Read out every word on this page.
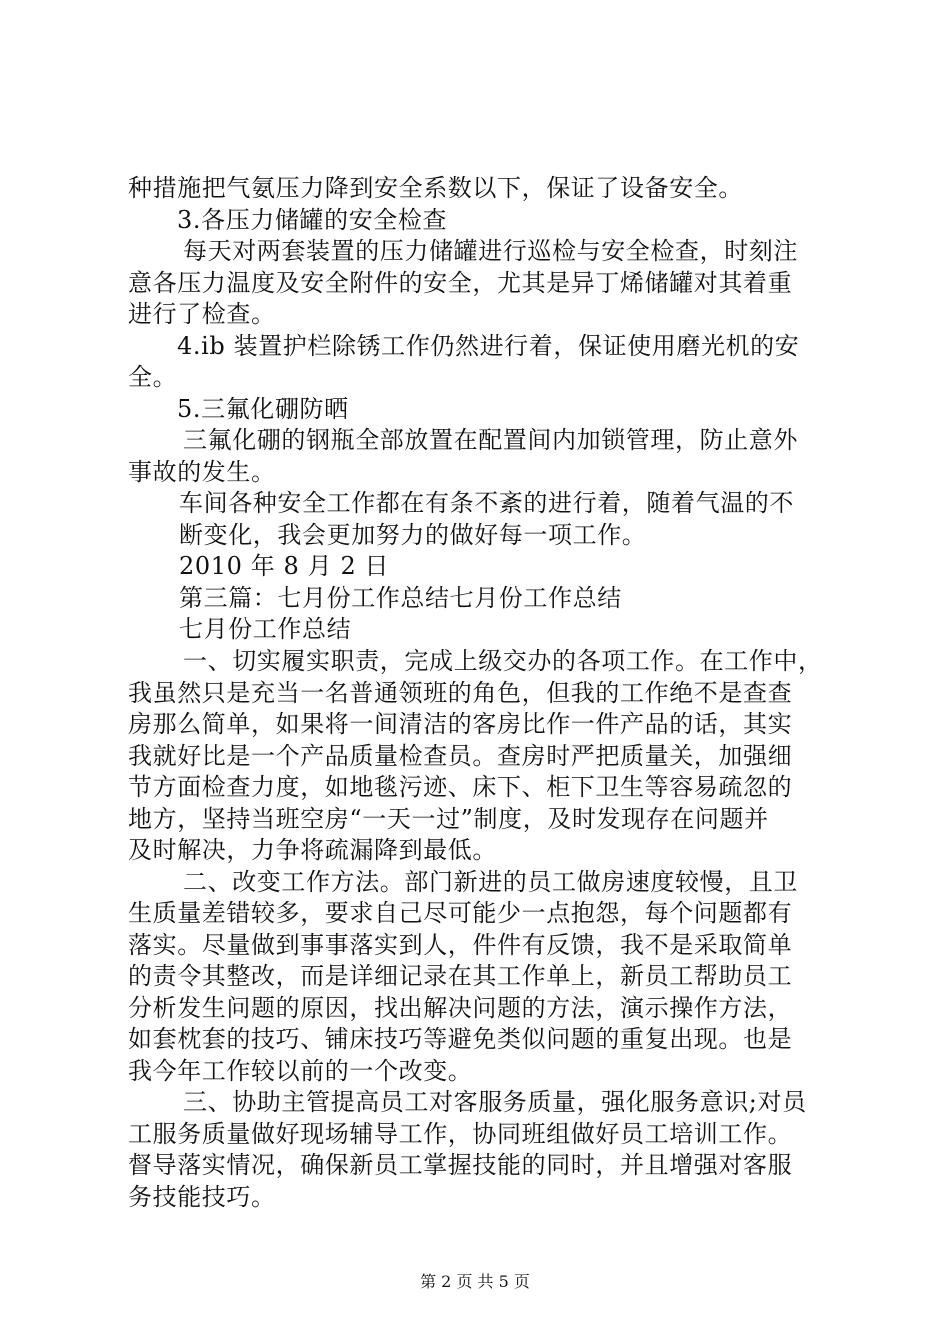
种措施把气氨压力降到安全系数以下，保证了设备安全。
3.各压力储罐的安全检查
每天对两套装置的压力储罐进行巡检与安全检查，时刻注
意各压力温度及安全附件的安全，尤其是异丁烯储罐对其着重
进行了检查。
4.ib 装置护栏除锈工作仍然进行着，保证使用磨光机的安
全。
5.三氟化硼防晒
三氟化硼的钢瓶全部放置在配置间内加锁管理，防止意外
事故的发生。
车间各种安全工作都在有条不紊的进行着，随着气温的不
断变化，我会更加努力的做好每一项工作。
2010 年 8 月 2 日
第三篇：七月份工作总结七月份工作总结
七月份工作总结
一、切实履实职责，完成上级交办的各项工作。在工作中，
我虽然只是充当一名普通领班的角色，但我的工作绝不是查查
房那么简单，如果将一间清洁的客房比作一件产品的话，其实
我就好比是一个产品质量检查员。查房时严把质量关，加强细
节方面检查力度，如地毯污迹、床下、柜下卫生等容易疏忽的
地方，坚持当班空房“一天一过”制度，及时发现存在问题并
及时解决，力争将疏漏降到最低。
二、改变工作方法。部门新进的员工做房速度较慢，且卫
生质量差错较多，要求自己尽可能少一点抱怨，每个问题都有
落实。尽量做到事事落实到人，件件有反馈，我不是采取简单
的责令其整改，而是详细记录在其工作单上，新员工帮助员工
分析发生问题的原因，找出解决问题的方法，演示操作方法，
如套枕套的技巧、铺床技巧等避免类似问题的重复出现。也是
我今年工作较以前的一个改变。
三、协助主管提高员工对客服务质量，强化服务意识;对员
工服务质量做好现场辅导工作，协同班组做好员工培训工作。
督导落实情况，确保新员工掌握技能的同时，并且增强对客服
务技能技巧。
第 2 页 共 5 页
